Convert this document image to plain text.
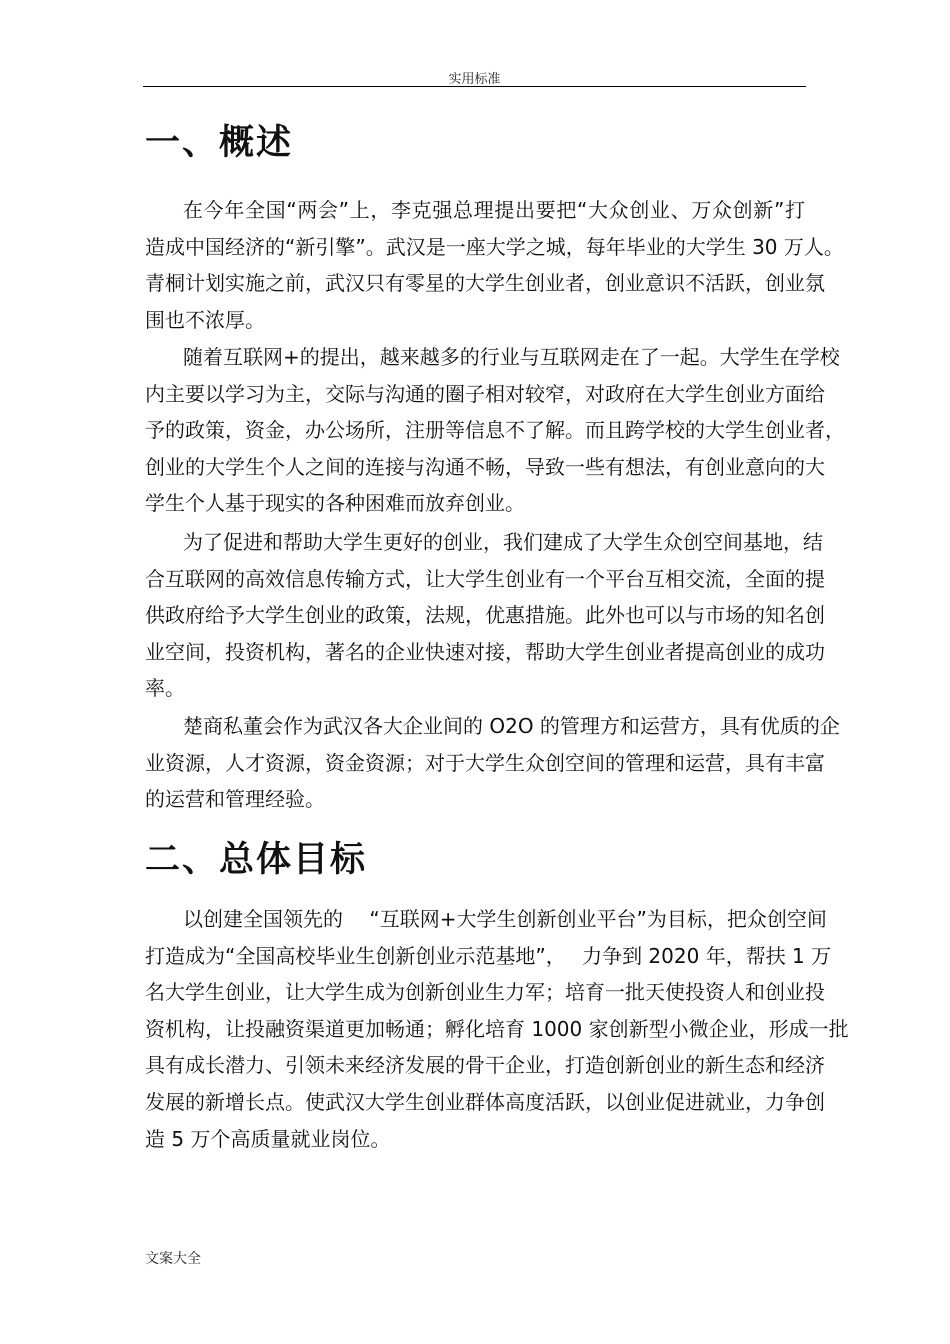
实用标准
一、概述
在今年全国“两会”上，李克强总理提出要把“大众创业、万众创新”打
造成中国经济的“新引擎”。武汉是一座大学之城，每年毕业的大学生 30 万人。
青桐计划实施之前，武汉只有零星的大学生创业者，创业意识不活跃，创业氛
围也不浓厚。
随着互联网+的提出，越来越多的行业与互联网走在了一起。大学生在学校
内主要以学习为主，交际与沟通的圈子相对较窄，对政府在大学生创业方面给
予的政策，资金，办公场所，注册等信息不了解。而且跨学校的大学生创业者，
创业的大学生个人之间的连接与沟通不畅，导致一些有想法，有创业意向的大
学生个人基于现实的各种困难而放弃创业。
为了促进和帮助大学生更好的创业，我们建成了大学生众创空间基地，结
合互联网的高效信息传输方式，让大学生创业有一个平台互相交流，全面的提
供政府给予大学生创业的政策，法规，优惠措施。此外也可以与市场的知名创
业空间，投资机构，著名的企业快速对接，帮助大学生创业者提高创业的成功
率。
楚商私董会作为武汉各大企业间的 O2O 的管理方和运营方，具有优质的企
业资源，人才资源，资金资源；对于大学生众创空间的管理和运营，具有丰富
的运营和管理经验。
二、总体目标
以创建全国领先的　 “互联网+大学生创新创业平台”为目标，把众创空间
打造成为“全国高校毕业生创新创业示范基地”，　 力争到 2020 年，帮扶 1 万
名大学生创业，让大学生成为创新创业生力军；培育一批天使投资人和创业投
资机构，让投融资渠道更加畅通；孵化培育 1000 家创新型小微企业，形成一批
具有成长潜力、引领未来经济发展的骨干企业，打造创新创业的新生态和经济
发展的新增长点。使武汉大学生创业群体高度活跃，以创业促进就业，力争创
造 5 万个高质量就业岗位。
文案大全
